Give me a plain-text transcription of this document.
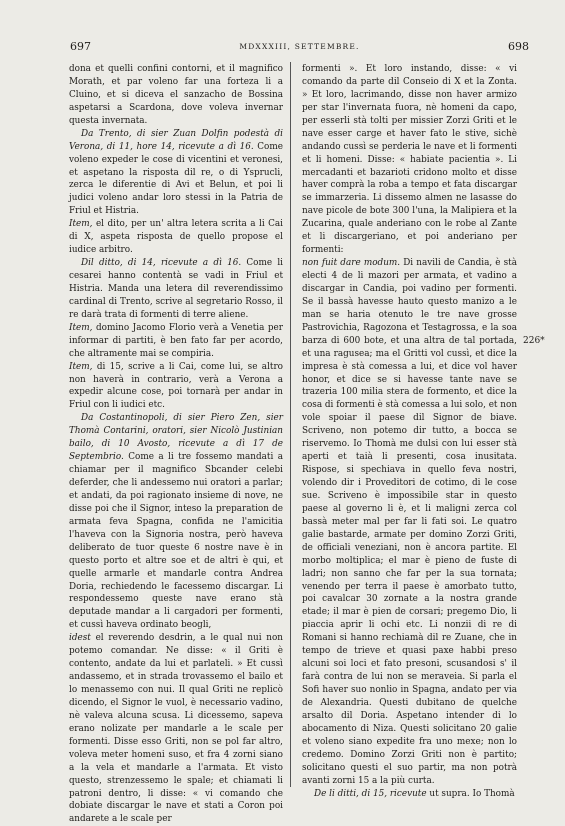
697	MDXXXIII, SETTEMBRE.	698

dona et quelli confini contorni, et il magnifico Morath, et par voleno far una forteza li a Cluino, et si diceva el sanzacho de Bossina aspetarsi a Scardona, dove voleva invernar questa invernata.

Da Trento, di sier Zuan Dolfin podestà di Verona, di 11, hore 14, ricevute a dì 16. Come voleno expeder le cose di vicentini et veronesi, et aspetano la risposta dil re, o di Ysprucli, zerca le diferentie di Avi et Belun, et poi li judici voleno andar loro stessi in la Patria de Friul et Histria.

Item, el dito, per un' altra letera scrita a li Cai di X, aspeta risposta de quello propose el iudice arbitro.

Dil ditto, di 14, ricevute a dì 16. Come li cesarei hanno contentà se vadi in Friul et Histria. Manda una letera dil reverendissimo cardinal di Trento, scrive al segretario Rosso, il re darà trata di formenti di terre aliene.

Item, domino Jacomo Florio verà a Venetia per informar di partiti, è ben fato far per acordo, che altramente mai se compiria.

Item, di 15, scrive a li Cai, come lui, se altro non haverà in contrario, verà a Verona a expedir alcune cose, poi tornarà per andar in Friul con li iudici etc.

Da Costantinopoli, di sier Piero Zen, sier Thomà Contarini, oratori, sier Nicolò Justinian bailo, di 10 Avosto, ricevute a dì 17 de Septembrio. Come a li tre fossemo mandati a chiamar per il magnifico Sbcander celebi deferder, che li andessemo nui oratori a parlar; et andati, da poi ragionato insieme di nove, ne disse poi che il Signor, inteso la preparation de armata feva Spagna, confida ne l'amicitia l'haveva con la Signoria nostra, però haveva deliberato de tuor queste 6 nostre nave è in questo porto et altre soe et de altri è qui, et quelle armarle et mandarle contra Andrea Doria, rechiedendo le facessemo discargar. Li respondessemo queste nave erano stà deputade mandar a li cargadori per formenti, et cussì haveva ordinato beogli,

idest el reverendo desdrin, a le qual nui non potemo comandar. Ne disse: « il Griti è contento, andate da lui et parlateli. » Et cussì andassemo, et in strada trovassemo el bailo et lo menassemo con nui. Il qual Griti ne replicò dicendo, el Signor le vuol, è necessario vadino, nè valeva alcuna scusa. Li dicessemo, sapeva erano nolizate per mandarle a le scale per formenti. Disse esso Griti, non se pol far altro, voleva meter homeni suso, et fra 4 zorni siano a la vela et mandarle a l'armata. Et visto questo, strenzessemo le spale; et chiamati li patroni dentro, li disse: « vi comando che dobiate discargar le nave et stati a Coron poi andarete a le scale per

formenti ». Et loro instando, disse: « vi comando da parte dil Conseio di X et la Zonta. » Et loro, lacrimando, disse non haver armizo per star l'invernata fuora, nè homeni da capo, per esserli stà tolti per missier Zorzi Griti et le nave esser carge et haver fato le stive, sichè andando cussì se perderia le nave et li formenti et li homeni. Disse: « habiate pacientia ». Li mercadanti et bazarioti cridono molto et disse haver comprà la roba a tempo et fata discargar se immarzeria. Li dissemo almen ne lasasse do nave picole de bote 300 l'una, la Malipiera et la Zucarina, quale anderiano con le robe al Zante et li discargeriano, et poi anderiano per formenti:

non fuit dare modum. Di navili de Candia, è stà electi 4 de li mazori per armata, et vadino a discargar in Candia, poi vadino per formenti. Se il bassà havesse hauto questo manizo a le man se haria otenuto le tre nave grosse Pastrovichia, Ragozona et Testagrossa, e la soa barza di 600 bote, et una altra de tal portada, et una ragusea; ma el Gritti vol cussì, et dice la impresa è stà comessa a lui, et dice vol haver honor, et dice se si havesse tante nave se trazeria 100 milia stera de formento, et dice la cosa di formenti è stà comessa a lui solo, et non vole spoiar il paese dil Signor de biave. Scriveno, non potemo dir tutto, a bocca se riservemo. Io Thomà me dulsi con lui esser stà aperti et taià li presenti, cosa inusitata. Rispose, si spechiava in quello feva nostri, volendo dir i Proveditori de cotimo, di le cose sue. Scriveno è impossibile star in questo paese al governo li è, et li maligni zerca col bassà meter mal per far li fati soi. Le quatro galie bastarde, armate per domino Zorzi Griti, de officiali veneziani, non è ancora partite. El morbo moltiplica; el mar è pieno de fuste di ladri; non sanno che far per la sua tornata; venendo per terra il paese è amorbato tutto, poi cavalcar 30 zornate a la nostra grande etade; il mar è pien de corsari; pregemo Dio, li piaccia aprir li ochi etc. Li nonzii di re di Romani si hanno rechiamà dil re Zuane, che in tempo de trieve et quasi paxe habbi preso alcuni soi loci et fato presoni, scusandosi s' il farà contra de lui non se meraveia. Si parla el Sofi haver suo nonlio in Spagna, andato per via de Alexandria. Questi dubitano de quelche arsalto dil Doria. Aspetano intender di lo abocamento di Niza. Questi solicitano 20 galie et voleno siano expedite fra uno mexe; non lo credemo. Domino Zorzi Griti non è partito; solicitano questi el suo partir, ma non potrà avanti zorni 15 a la più curta.

De li ditti, di 15, ricevute ut supra. Io Thomà

226*
